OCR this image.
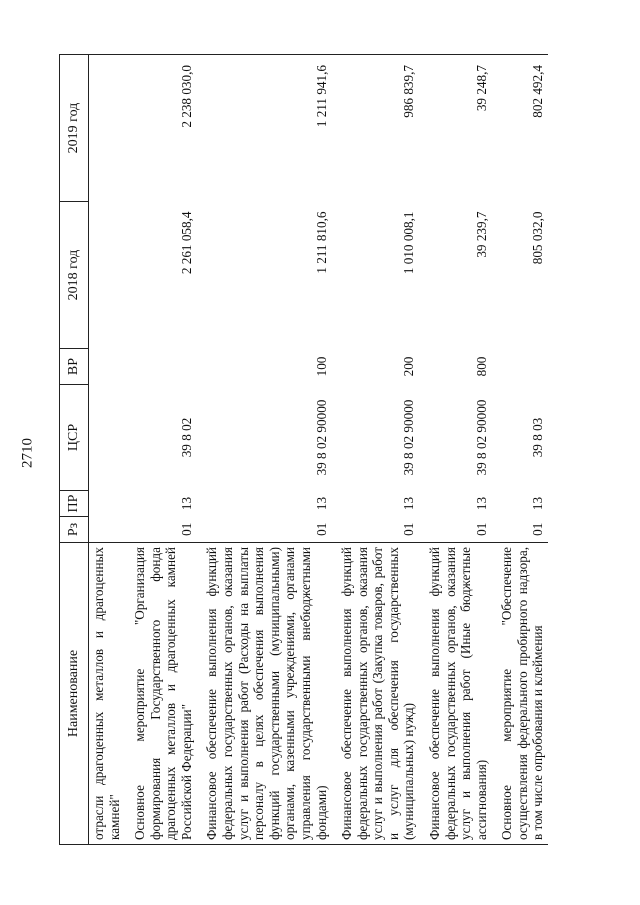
2710
Наименование	Рз	ПР	ЦСР	ВР	2018 год	2019 год
отрасли драгоценных металлов и драгоценных камней"						

Основное мероприятие "Организация формирования Государственного фонда драгоценных металлов и драгоценных камней Российской Федерации"	01	13	39 8 02		2 261 058,4	2 238 030,0

Финансовое обеспечение выполнения функций федеральных государственных органов, оказания услуг и выполнения работ (Расходы на выплаты персоналу в целях обеспечения выполнения функций государственными (муниципальными) органами, казенными учреждениями, органами управления государственными внебюджетными фондами)	01	13	39 8 02 90000	100	1 211 810,6	1 211 941,6

Финансовое обеспечение выполнения функций федеральных государственных органов, оказания услуг и выполнения работ (Закупка товаров, работ и услуг для обеспечения государственных (муниципальных) нужд)	01	13	39 8 02 90000	200	1 010 008,1	986 839,7

Финансовое обеспечение выполнения функций федеральных государственных органов, оказания услуг и выполнения работ (Иные бюджетные ассигнования)	01	13	39 8 02 90000	800	39 239,7	39 248,7

Основное мероприятие "Обеспечение осуществления федерального пробирного надзора, в том числе опробования и клеймения	01	13	39 8 03		805 032,0	802 492,4
